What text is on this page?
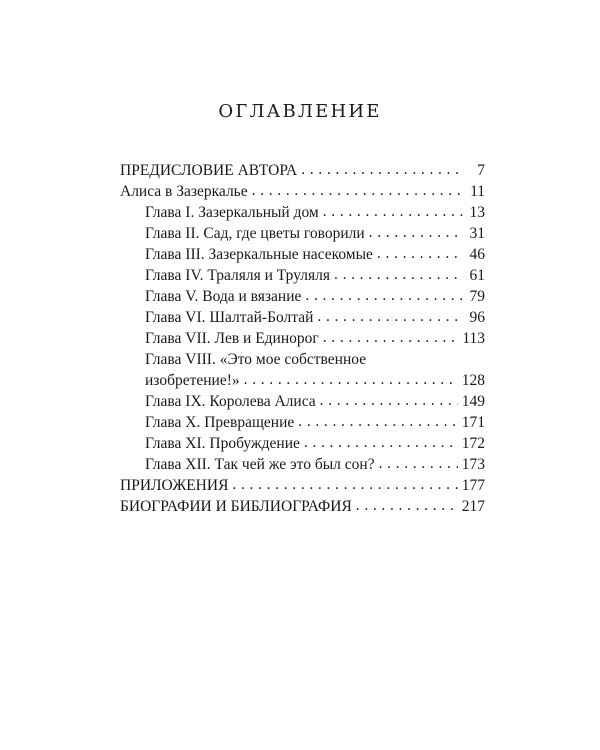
ОГЛАВЛЕНИЕ
ПРЕДИСЛОВИЕ АВТОРА . . .	7
Алиса в Зазеркалье . . .	11
Глава I. Зазеркальный дом . . .	13
Глава II. Сад, где цветы говорили . . .	31
Глава III. Зазеркальные насекомые . . .	46
Глава IV. Траляля и Труляля . . .	61
Глава V. Вода и вязание . . .	79
Глава VI. Шалтай-Болтай . . .	96
Глава VII. Лев и Единорог . . .	113
Глава VIII. «Это мое собственное
изобретение!» . . .	128
Глава IX. Королева Алиса . . .	149
Глава X. Превращение . . .	171
Глава XI. Пробуждение . . .	172
Глава XII. Так чей же это был сон? . . .	173
ПРИЛОЖЕНИЯ . . .	177
БИОГРАФИИ И БИБЛИОГРАФИЯ . . .	217
